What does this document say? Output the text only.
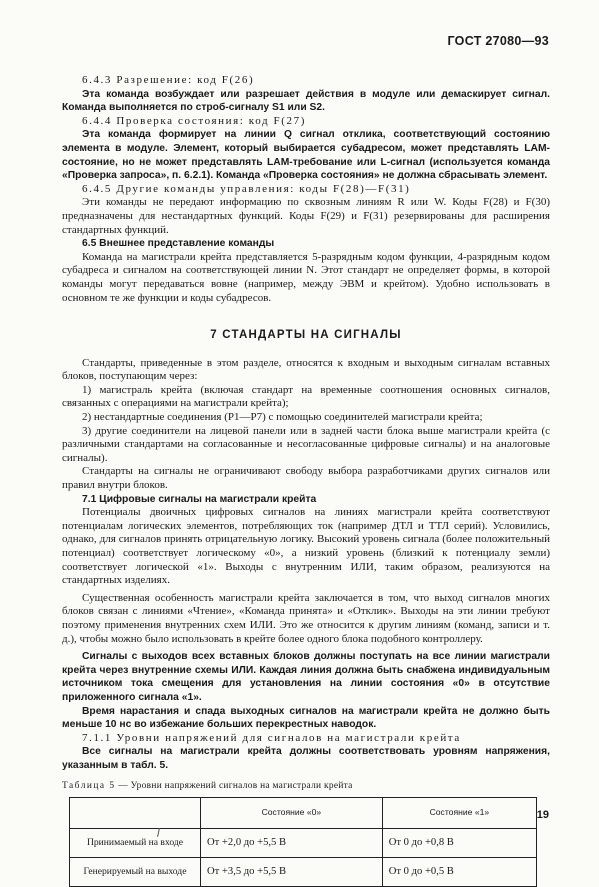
ГОСТ 27080—93

6.4.3 Разрешение: код F(26)

Эта команда возбуждает или разрешает действия в модуле или демаскирует сигнал. Команда выполняется по строб-сигналу S1 или S2.

6.4.4 Проверка состояния: код F(27)

Эта команда формирует на линии Q сигнал отклика, соответствующий состоянию элемента в модуле. Элемент, который выбирается субадресом, может представлять LAM-состояние, но не может представлять LAM-требование или L-сигнал (используется команда «Проверка запроса», п. 6.2.1). Команда «Проверка состояния» не должна сбрасывать элемент.

6.4.5 Другие команды управления: коды F(28)—F(31)

Эти команды не передают информацию по сквозным линиям R или W. Коды F(28) и F(30) предназначены для нестандартных функций. Коды F(29) и F(31) резервированы для расширения стандартных функций.

6.5 Внешнее представление команды

Команда на магистрали крейта представляется 5-разрядным кодом функции, 4-разрядным кодом субадреса и сигналом на соответствующей линии N. Этот стандарт не определяет формы, в которой команды могут передаваться вовне (например, между ЭВМ и крейтом). Удобно использовать в основном те же функции и коды субадресов.

7 СТАНДАРТЫ НА СИГНАЛЫ

Стандарты, приведенные в этом разделе, относятся к входным и выходным сигналам вставных блоков, поступающим через:

1) магистраль крейта (включая стандарт на временные соотношения основных сигналов, связанных с операциями на магистрали крейта);

2) нестандартные соединения (P1—P7) с помощью соединителей магистрали крейта;

3) другие соединители на лицевой панели или в задней части блока выше магистрали крейта (с различными стандартами на согласованные и несогласованные цифровые сигналы) и на аналоговые сигналы).

Стандарты на сигналы не ограничивают свободу выбора разработчиками других сигналов или правил внутри блоков.

7.1 Цифровые сигналы на магистрали крейта

Потенциалы двоичных цифровых сигналов на линиях магистрали крейта соответствуют потенциалам логических элементов, потребляющих ток (например ДТЛ и ТТЛ серий). Условились, однако, для сигналов принять отрицательную логику. Высокий уровень сигнала (более положительный потенциал) соответствует логическому «0», а низкий уровень (близкий к потенциалу земли) соответствует логической «1». Выходы с внутренним ИЛИ, таким образом, реализуются на стандартных изделиях.

Существенная особенность магистрали крейта заключается в том, что выход сигналов многих блоков связан с линиями «Чтение», «Команда принята» и «Отклик». Выходы на эти линии требуют поэтому применения внутренних схем ИЛИ. Это же относится к другим линиям (команд, записи и т. д.), чтобы можно было использовать в крейте более одного блока подобного контроллеру.

Сигналы с выходов всех вставных блоков должны поступать на все линии магистрали крейта через внутренние схемы ИЛИ. Каждая линия должна быть снабжена индивидуальным источником тока смещения для установления на линии состояния «0» в отсутствие приложенного сигнала «1».

Время нарастания и спада выходных сигналов на магистрали крейта не должно быть меньше 10 нс во избежание больших перекрестных наводок.

7.1.1 Уровни напряжений для сигналов на магистрали крейта

Все сигналы на магистрали крейта должны соответствовать уровням напряжения, указанным в табл. 5.

Таблица 5 — Уровни напряжений сигналов на магистрали крейта
	Состояние «0»	Состояние «1»
Принимаемый на входе	От +2,0 до +5,5 В	От 0 до +0,8 В
Генерируемый на выходе	От +3,5 до +5,5 В	От 0 до +0,5 В
19
